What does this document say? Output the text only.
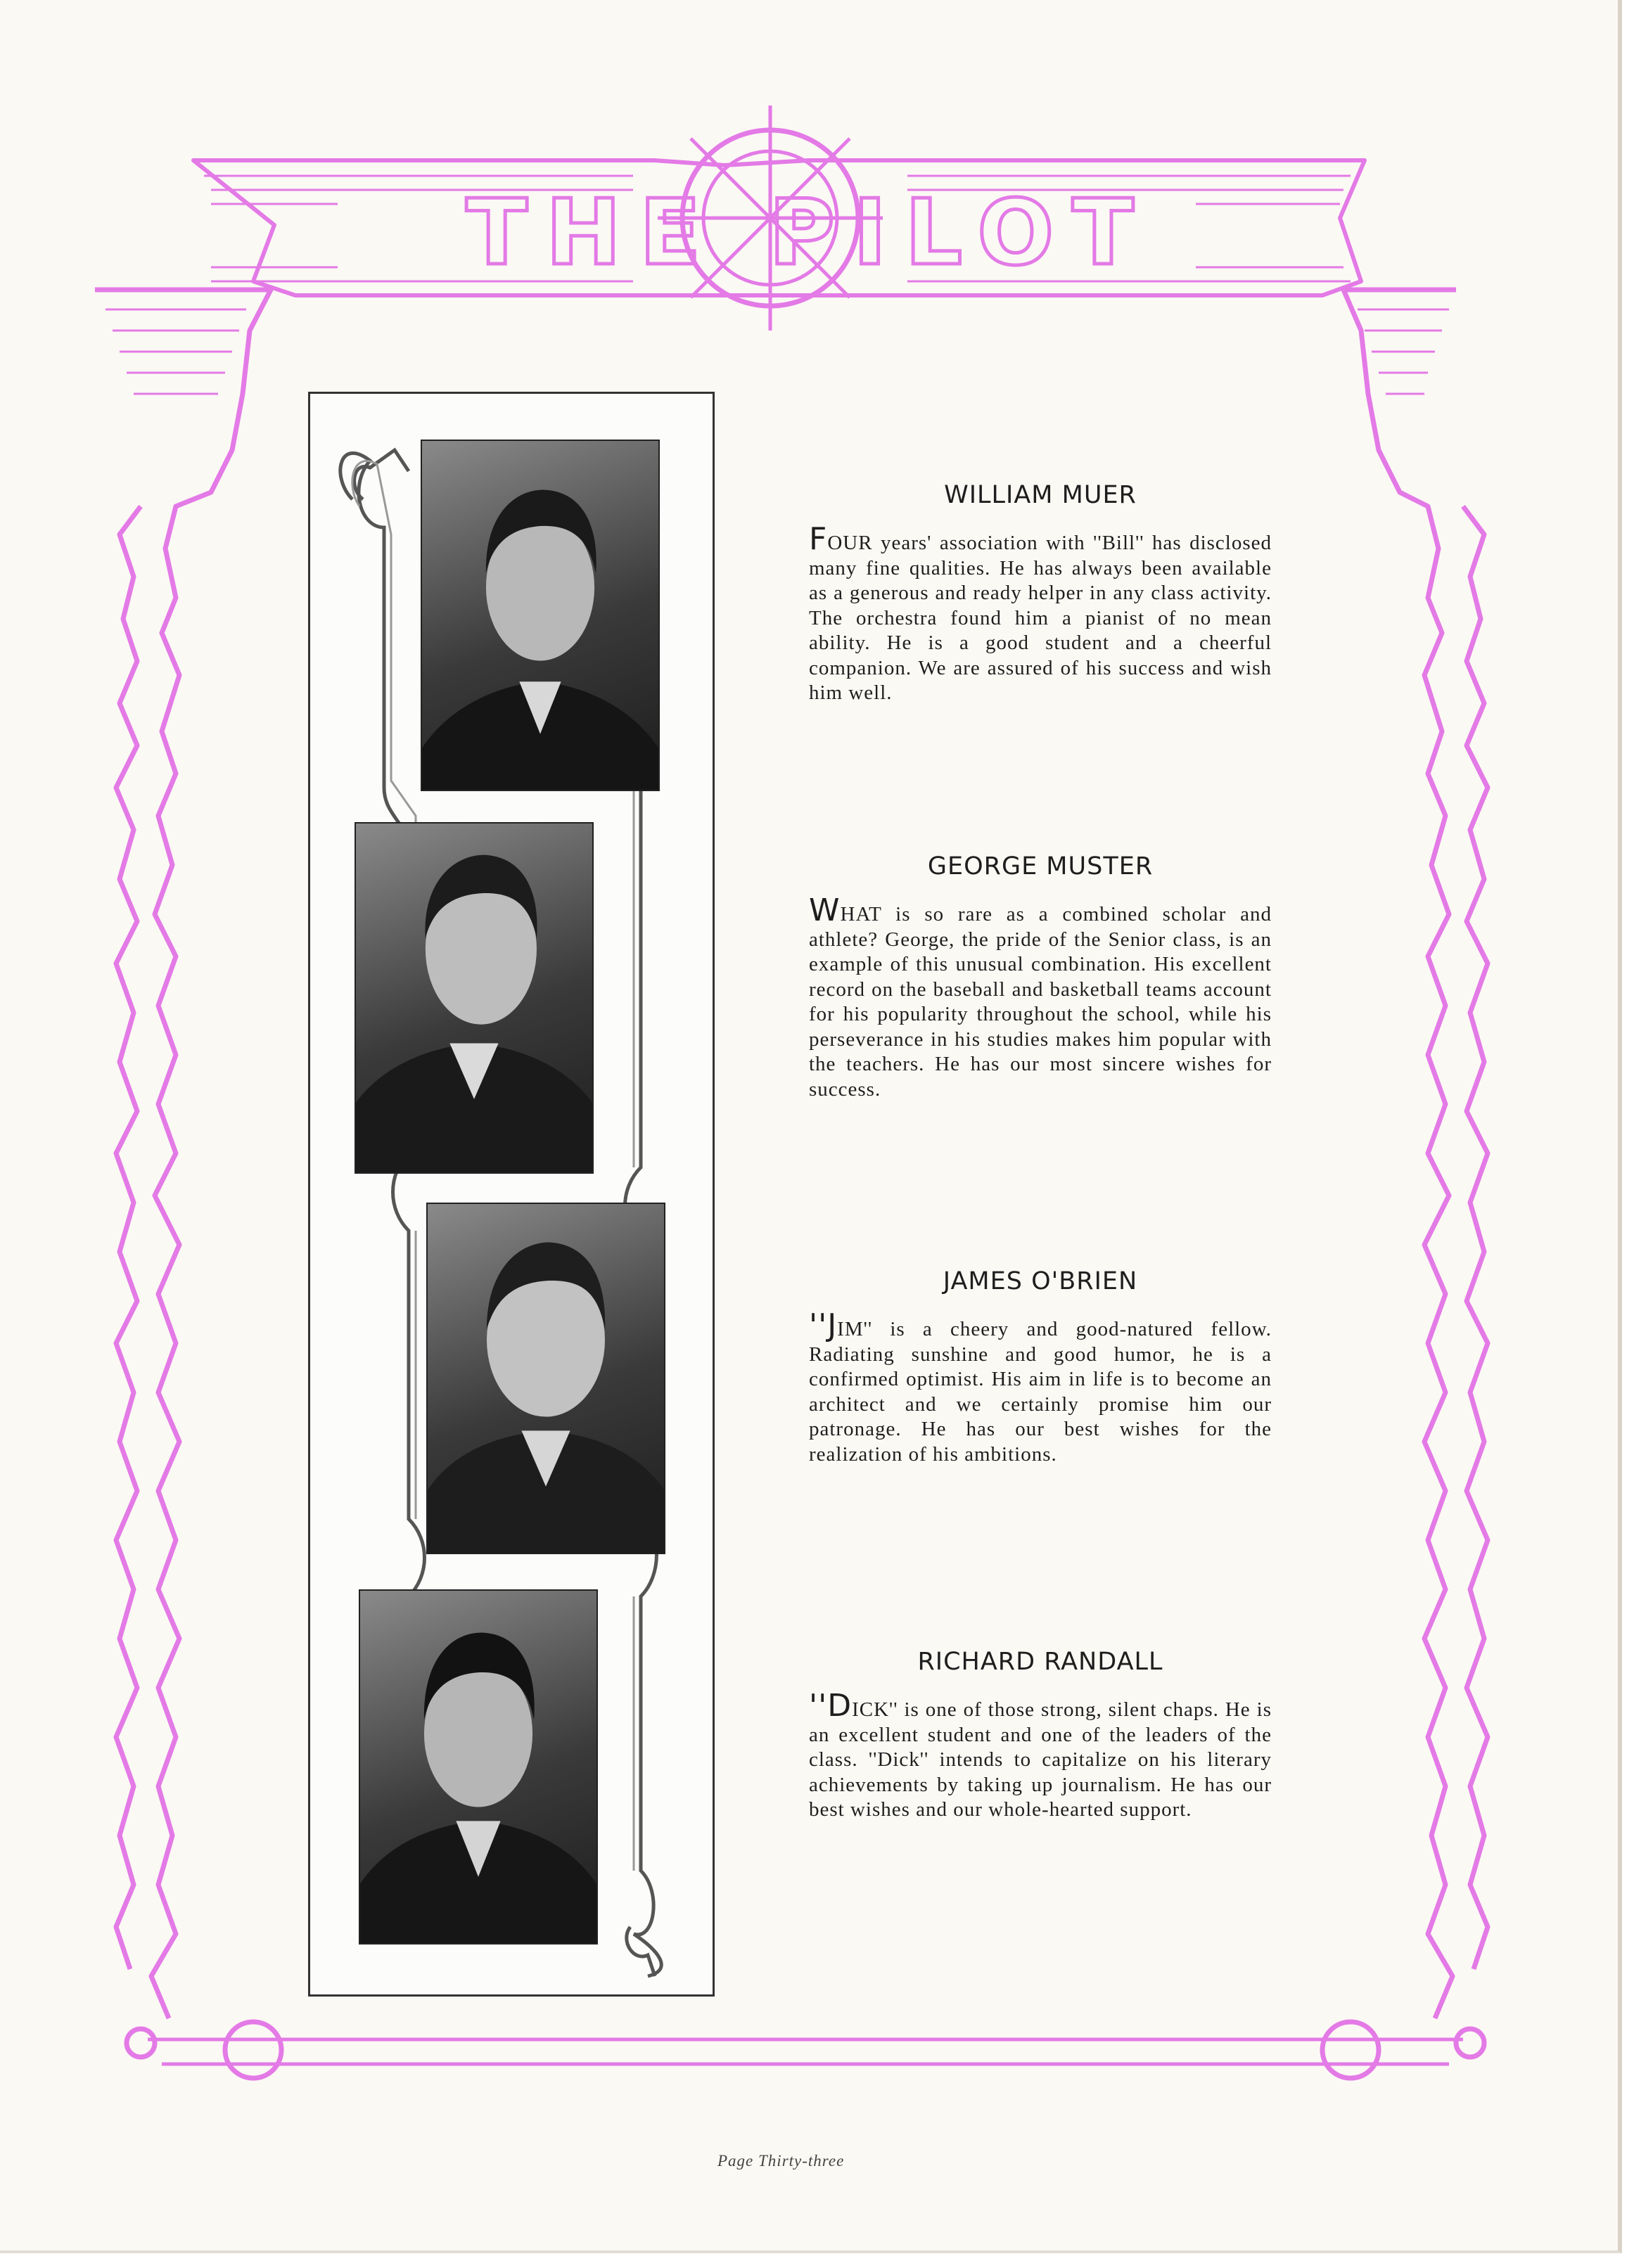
THE PILOT
WILLIAM MUER

FOUR years' association with ''Bill'' has disclosed many fine qualities. He has always been available as a generous and ready helper in any class activity. The orchestra found him a pianist of no mean ability. He is a good student and a cheerful companion. We are assured of his success and wish him well.

GEORGE MUSTER

WHAT is so rare as a combined scholar and athlete? George, the pride of the Senior class, is an example of this unusual combination. His excellent record on the baseball and basketball teams account for his popularity throughout the school, while his perseverance in his studies makes him popular with the teachers. He has our most sincere wishes for success.

JAMES O'BRIEN

''JIM'' is a cheery and good-natured fellow. Radiating sunshine and good humor, he is a confirmed optimist. His aim in life is to become an architect and we certainly promise him our patronage. He has our best wishes for the realization of his ambitions.

RICHARD RANDALL

''DICK'' is one of those strong, silent chaps. He is an excellent student and one of the leaders of the class. ''Dick'' intends to capitalize on his literary achievements by taking up journalism. He has our best wishes and our whole-hearted support.

Page Thirty-three
